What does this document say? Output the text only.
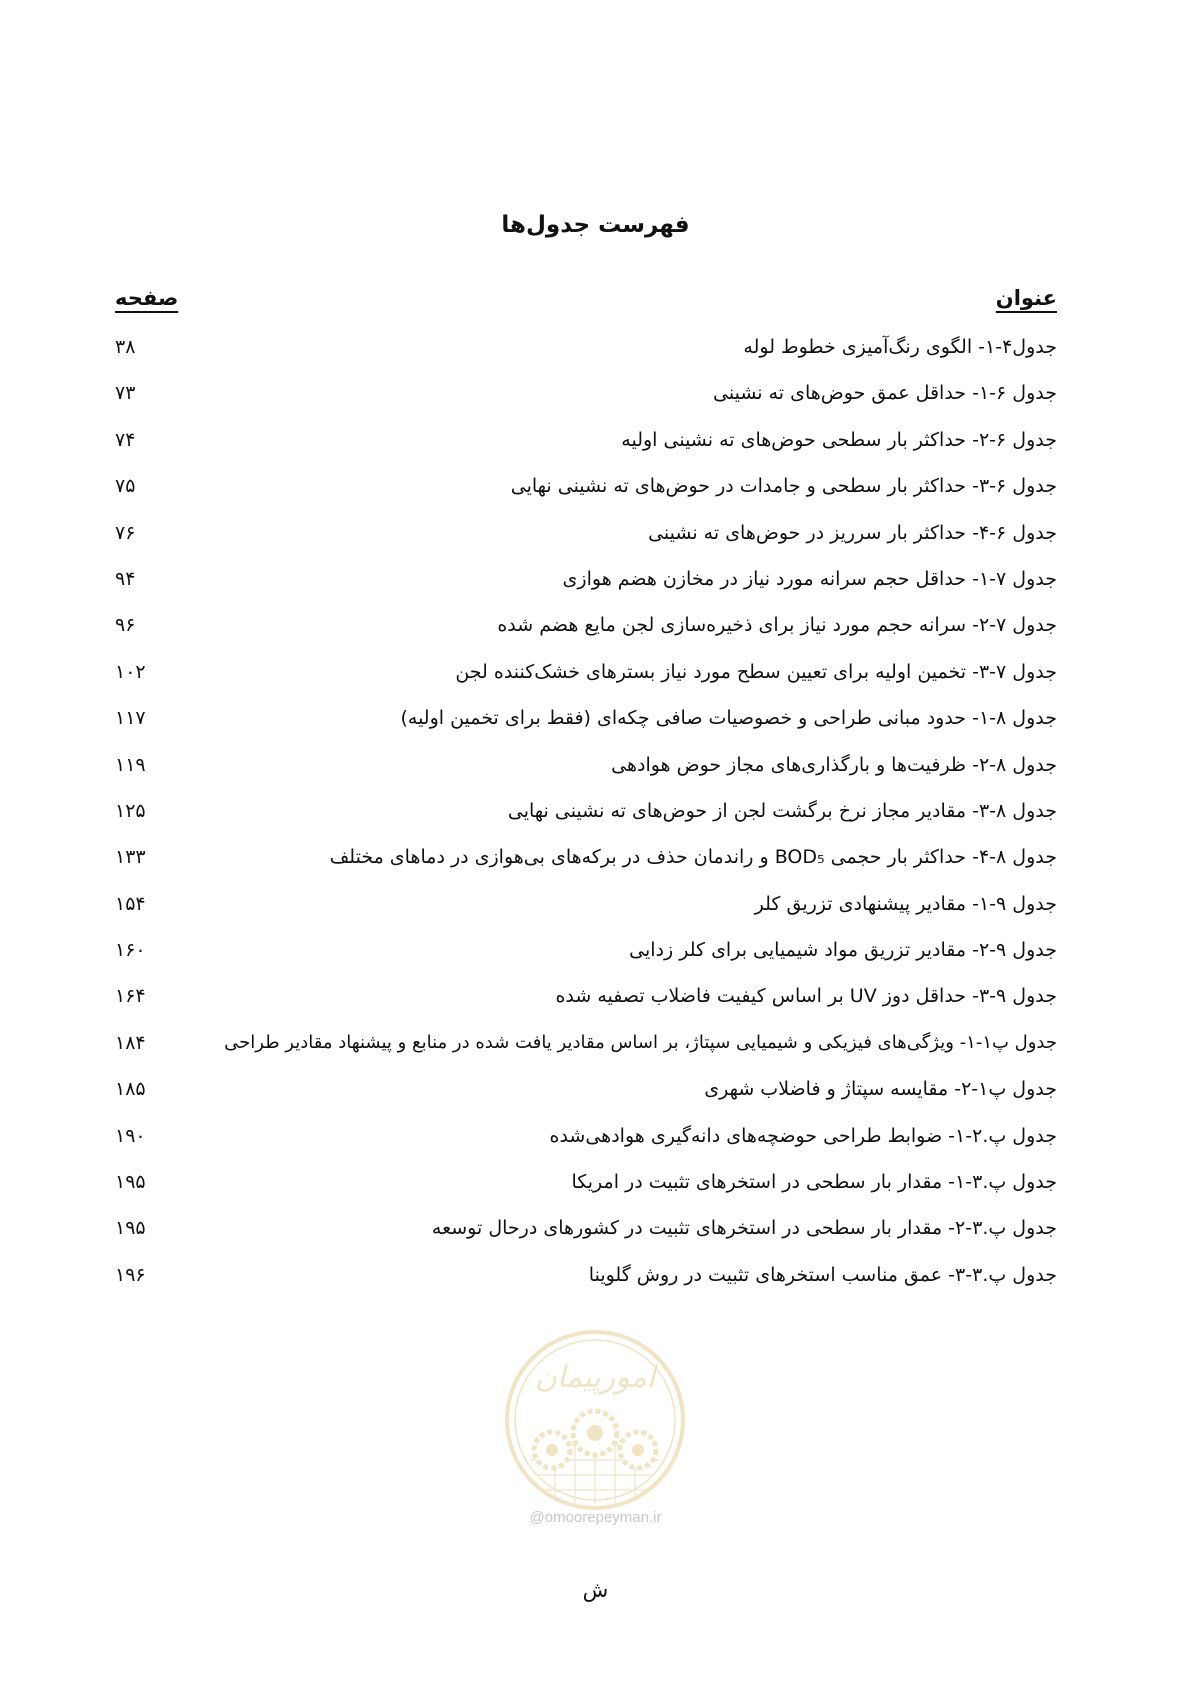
فهرست جدول‌ها
عنوان
صفحه
جدول۴-۱- الگوی رنگ‌آمیزی خطوط لوله
۳۸
جدول ۶-۱- حداقل عمق حوض‌های ته نشینی
۷۳
جدول ۶-۲- حداکثر بار سطحی حوض‌های ته نشینی اولیه
۷۴
جدول ۶-۳- حداکثر بار سطحی و جامدات در حوض‌های ته نشینی نهایی
۷۵
جدول ۶-۴- حداکثر بار سرریز در حوض‌های ته نشینی
۷۶
جدول ۷-۱- حداقل حجم سرانه مورد نیاز در مخازن هضم هوازی
۹۴
جدول ۷-۲- سرانه حجم مورد نیاز برای ذخیره‌سازی لجن مایع هضم شده
۹۶
جدول ۷-۳- تخمین اولیه برای تعیین سطح مورد نیاز بسترهای خشک‌کننده لجن
۱۰۲
جدول ۸-۱- حدود مبانی طراحی و خصوصیات صافی چکه‌ای (فقط برای تخمین اولیه)
۱۱۷
جدول ۸-۲- ظرفیت‌ها و بارگذاری‌های مجاز حوض هوادهی
۱۱۹
جدول ۸-۳- مقادیر مجاز نرخ برگشت لجن از حوض‌های ته نشینی نهایی
۱۲۵
جدول ۸-۴- حداکثر بار حجمی BOD₅ و راندمان حذف در برکه‌های بی‌هوازی در دماهای مختلف
۱۳۳
جدول ۹-۱- مقادیر پیشنهادی تزریق کلر
۱۵۴
جدول ۹-۲- مقادیر تزریق مواد شیمیایی برای کلر زدایی
۱۶۰
جدول ۹-۳- حداقل دوز UV بر اساس کیفیت فاضلاب تصفیه شده
۱۶۴
جدول پ۱-۱- ویژگی‌های فیزیکی و شیمیایی سپتاژ، بر اساس مقادیر یافت شده در منابع و پیشنهاد مقادیر طراحی
۱۸۴
جدول پ۱-۲- مقایسه سپتاژ و فاضلاب شهری
۱۸۵
جدول پ.۲-۱- ضوابط طراحی حوضچه‌های دانه‌گیری هوادهی‌شده
۱۹۰
جدول پ.۳-۱- مقدار بار سطحی در استخرهای تثبیت در امریکا
۱۹۵
جدول پ.۳-۲- مقدار بار سطحی در استخرهای تثبیت در کشورهای درحال توسعه
۱۹۵
جدول پ.۳-۳- عمق مناسب استخرهای تثبیت در روش گلوینا
۱۹۶
امورپیمان
@omoorepeyman.ir
ش
